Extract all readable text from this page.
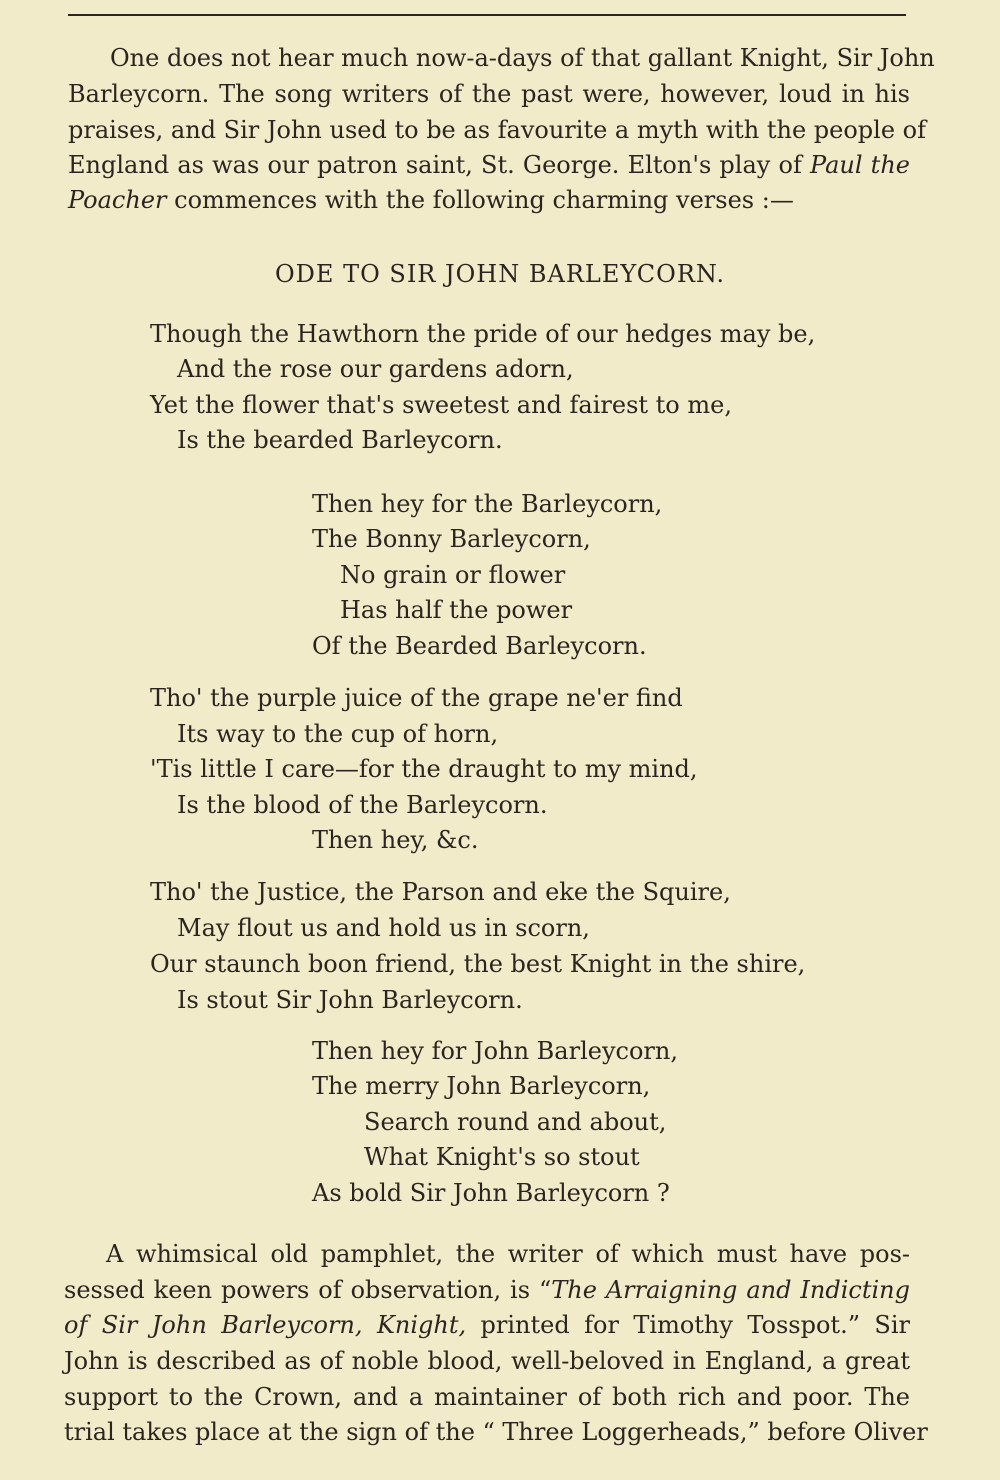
One does not hear much now-a-days of that gallant Knight, Sir John
Barleycorn. The song writers of the past were, however, loud in his
praises, and Sir John used to be as favourite a myth with the people of
England as was our patron saint, St. George. Elton's play of Paul the
Poacher commences with the following charming verses :—
ODE TO SIR JOHN BARLEYCORN.
Though the Hawthorn the pride of our hedges may be,
And the rose our gardens adorn,
Yet the flower that's sweetest and fairest to me,
Is the bearded Barleycorn.
Then hey for the Barleycorn,
The Bonny Barleycorn,
No grain or flower
Has half the power
Of the Bearded Barleycorn.
Tho' the purple juice of the grape ne'er find
Its way to the cup of horn,
'Tis little I care—for the draught to my mind,
Is the blood of the Barleycorn.
Then hey, &c.
Tho' the Justice, the Parson and eke the Squire,
May flout us and hold us in scorn,
Our staunch boon friend, the best Knight in the shire,
Is stout Sir John Barleycorn.
Then hey for John Barleycorn,
The merry John Barleycorn,
Search round and about,
What Knight's so stout
As bold Sir John Barleycorn ?
A whimsical old pamphlet, the writer of which must have pos-
sessed keen powers of observation, is “The Arraigning and Indicting
of Sir John Barleycorn, Knight, printed for Timothy Tosspot.” Sir
John is described as of noble blood, well-beloved in England, a great
support to the Crown, and a maintainer of both rich and poor. The
trial takes place at the sign of the “ Three Loggerheads,” before Oliver
